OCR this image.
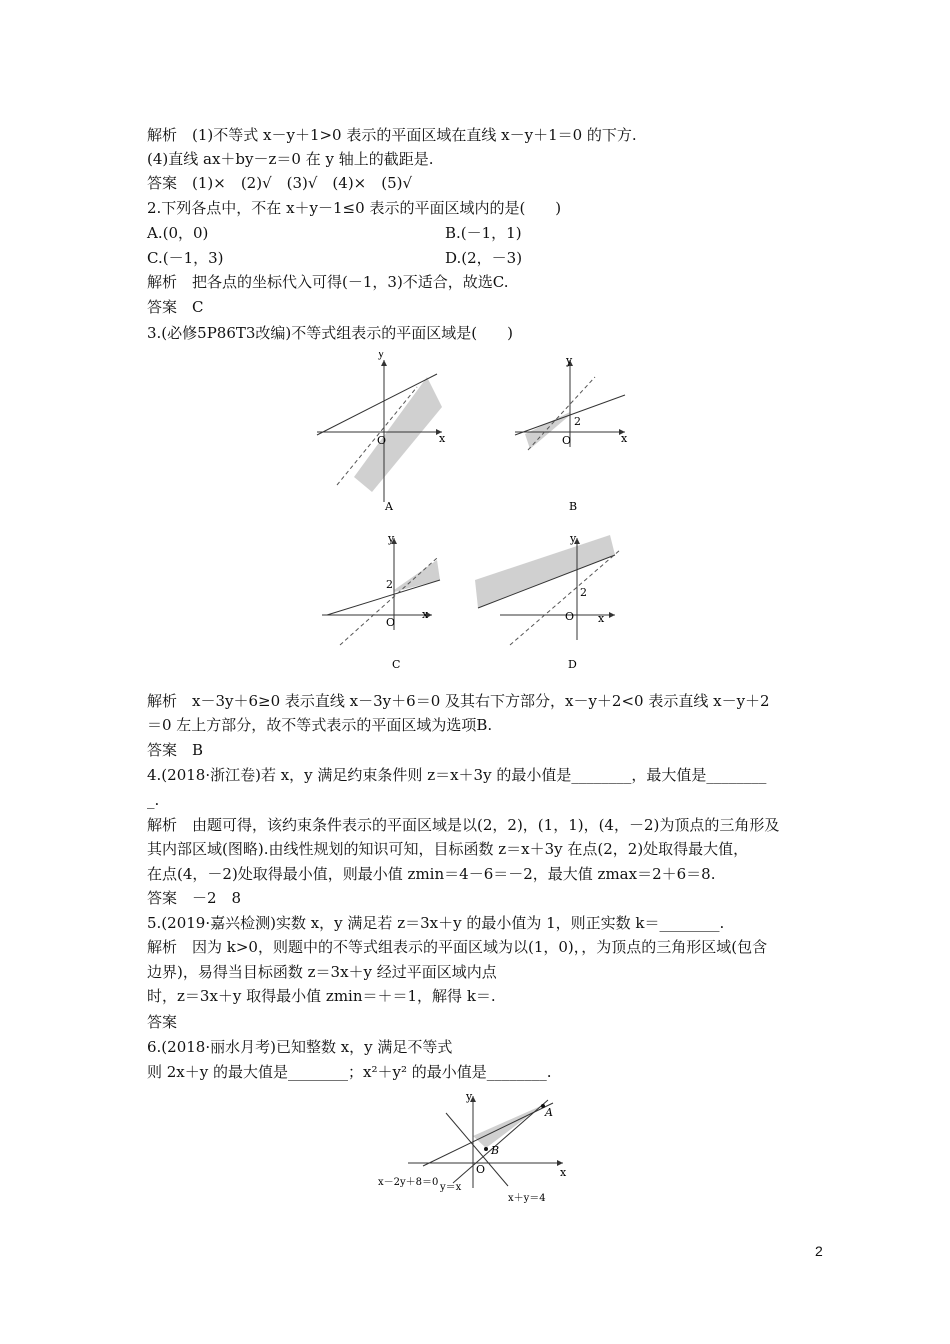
解析　(1)不等式 x－y＋1>0 表示的平面区域在直线 x－y＋1＝0 的下方.
(4)直线 ax＋by－z＝0 在 y 轴上的截距是.
答案　(1)×　(2)√　(3)√　(4)×　(5)√
2.下列各点中，不在 x＋y－1≤0 表示的平面区域内的是(　　)
A.(0，0)	B.(－1，1)
C.(－1，3)	D.(2，－3)
解析　把各点的坐标代入可得(－1，3)不适合，故选C.
答案　C
3.(必修5P86T3改编)不等式组表示的平面区域是(　　)
y
x
O
A
y
x
O
2
B
y
x
O
2
C
y
x
O
2
D
解析　x－3y＋6≥0 表示直线 x－3y＋6＝0 及其右下方部分，x－y＋2<0 表示直线 x－y＋2
＝0 左上方部分，故不等式表示的平面区域为选项B.
答案　B
4.(2018·浙江卷)若 x，y 满足约束条件则 z＝x＋3y 的最小值是________，最大值是________
_.
解析　由题可得，该约束条件表示的平面区域是以(2，2)，(1，1)，(4，－2)为顶点的三角形及
其内部区域(图略).由线性规划的知识可知，目标函数 z＝x＋3y 在点(2，2)处取得最大值，
在点(4，－2)处取得最小值，则最小值 zmin＝4－6＝－2，最大值 zmax＝2＋6＝8.
答案　－2　8
5.(2019·嘉兴检测)实数 x，y 满足若 z＝3x＋y 的最小值为 1，则正实数 k＝________.
解析　因为 k>0，则题中的不等式组表示的平面区域为以(1，0)，，为顶点的三角形区域(包含
边界)，易得当目标函数 z＝3x＋y 经过平面区域内点
时，z＝3x＋y 取得最小值 zmin＝＋＝1，解得 k＝.
答案
6.(2018·丽水月考)已知整数 x，y 满足不等式
则 2x＋y 的最大值是________；x²＋y² 的最小值是________.
y
x
O
A
B
x－2y＋8＝0 y＝x
x＋y＝4
2
